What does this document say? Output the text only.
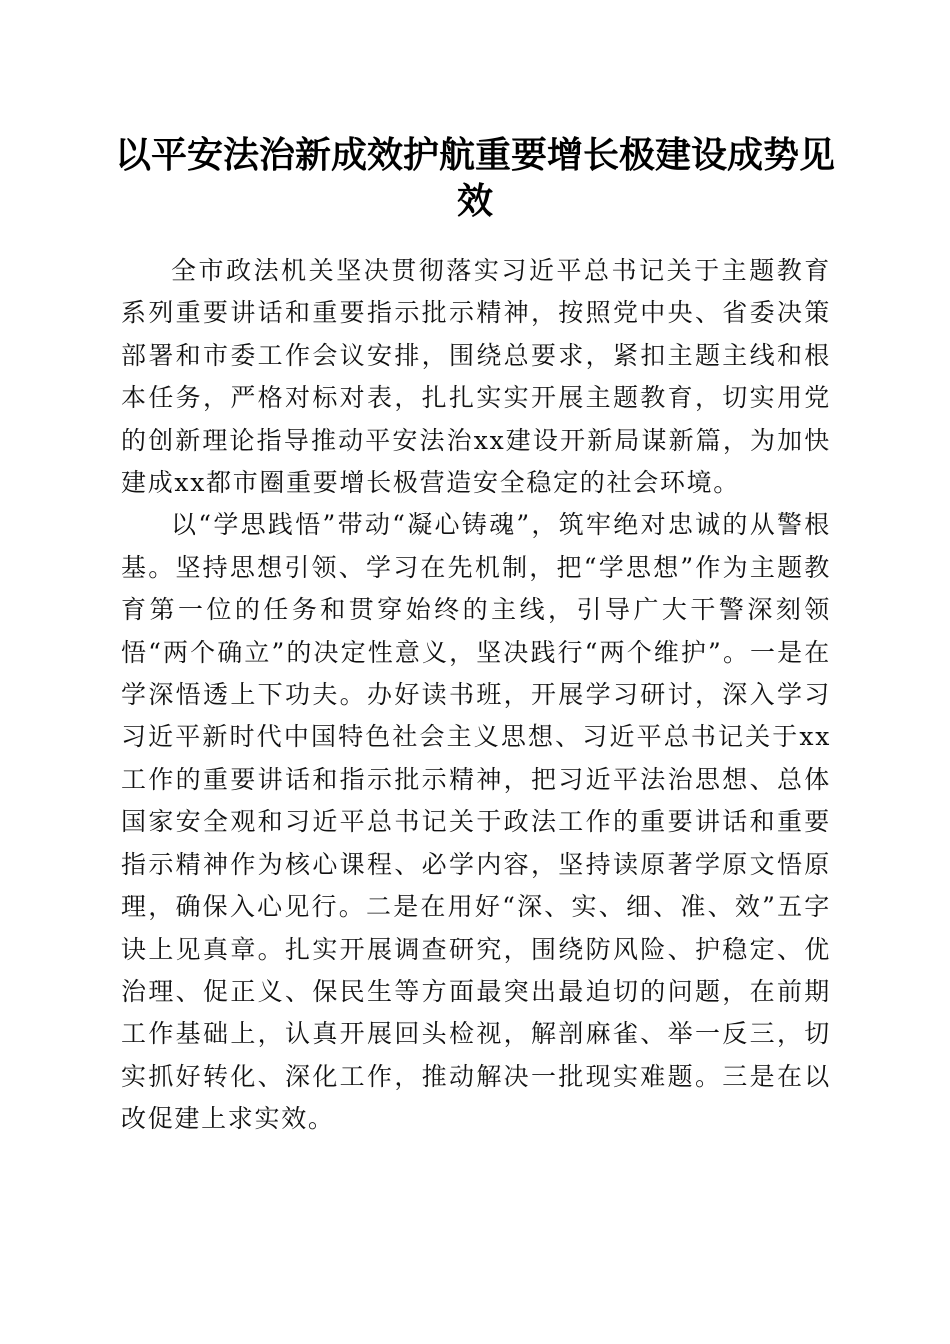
以平安法治新成效护航重要增长极建设成势见效

全市政法机关坚决贯彻落实习近平总书记关于主题教育系列重要讲话和重要指示批示精神，按照党中央、省委决策部署和市委工作会议安排，围绕总要求，紧扣主题主线和根本任务，严格对标对表，扎扎实实开展主题教育，切实用党的创新理论指导推动平安法治xx建设开新局谋新篇，为加快建成xx都市圈重要增长极营造安全稳定的社会环境。

以“学思践悟”带动“凝心铸魂”，筑牢绝对忠诚的从警根基。坚持思想引领、学习在先机制，把“学思想”作为主题教育第一位的任务和贯穿始终的主线，引导广大干警深刻领悟“两个确立”的决定性意义，坚决践行“两个维护”。一是在学深悟透上下功夫。办好读书班，开展学习研讨，深入学习习近平新时代中国特色社会主义思想、习近平总书记关于xx工作的重要讲话和指示批示精神，把习近平法治思想、总体国家安全观和习近平总书记关于政法工作的重要讲话和重要指示精神作为核心课程、必学内容，坚持读原著学原文悟原理，确保入心见行。二是在用好“深、实、细、准、效”五字诀上见真章。扎实开展调查研究，围绕防风险、护稳定、优治理、促正义、保民生等方面最突出最迫切的问题，在前期工作基础上，认真开展回头检视，解剖麻雀、举一反三，切实抓好转化、深化工作，推动解决一批现实难题。三是在以改促建上求实效。
